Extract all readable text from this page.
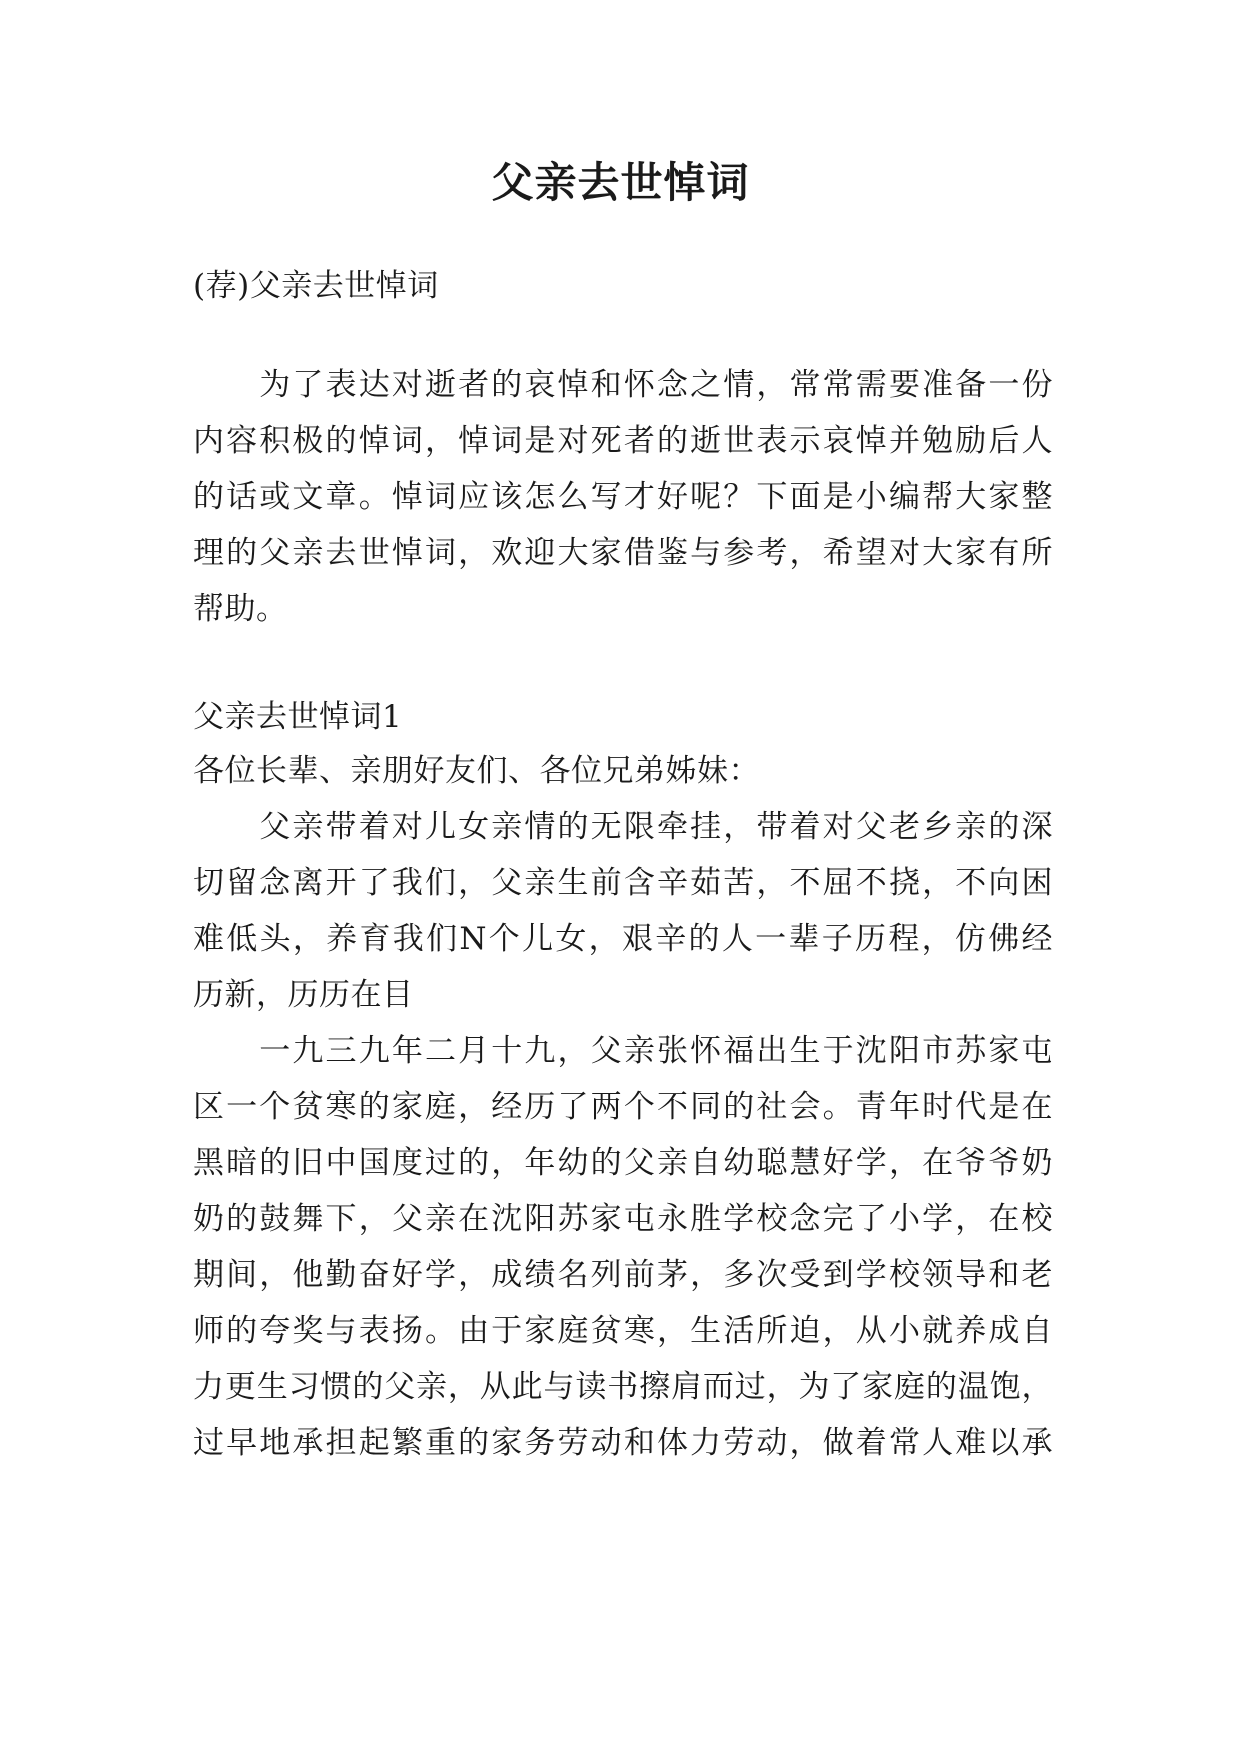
父亲去世悼词
(荐)父亲去世悼词
　　为了表达对逝者的哀悼和怀念之情，常常需要准备一份
内容积极的悼词，悼词是对死者的逝世表示哀悼并勉励后人
的话或文章。悼词应该怎么写才好呢？下面是小编帮大家整
理的父亲去世悼词，欢迎大家借鉴与参考，希望对大家有所
帮助。
父亲去世悼词1
各位长辈、亲朋好友们、各位兄弟姊妹：
　　父亲带着对儿女亲情的无限牵挂，带着对父老乡亲的深
切留念离开了我们，父亲生前含辛茹苦，不屈不挠，不向困
难低头，养育我们N个儿女，艰辛的人一辈子历程，仿佛经
历新，历历在目
　　一九三九年二月十九，父亲张怀福出生于沈阳市苏家屯
区一个贫寒的家庭，经历了两个不同的社会。青年时代是在
黑暗的旧中国度过的，年幼的父亲自幼聪慧好学，在爷爷奶
奶的鼓舞下，父亲在沈阳苏家屯永胜学校念完了小学，在校
期间，他勤奋好学，成绩名列前茅，多次受到学校领导和老
师的夸奖与表扬。由于家庭贫寒，生活所迫，从小就养成自
力更生习惯的父亲，从此与读书擦肩而过，为了家庭的温饱，
过早地承担起繁重的家务劳动和体力劳动，做着常人难以承
